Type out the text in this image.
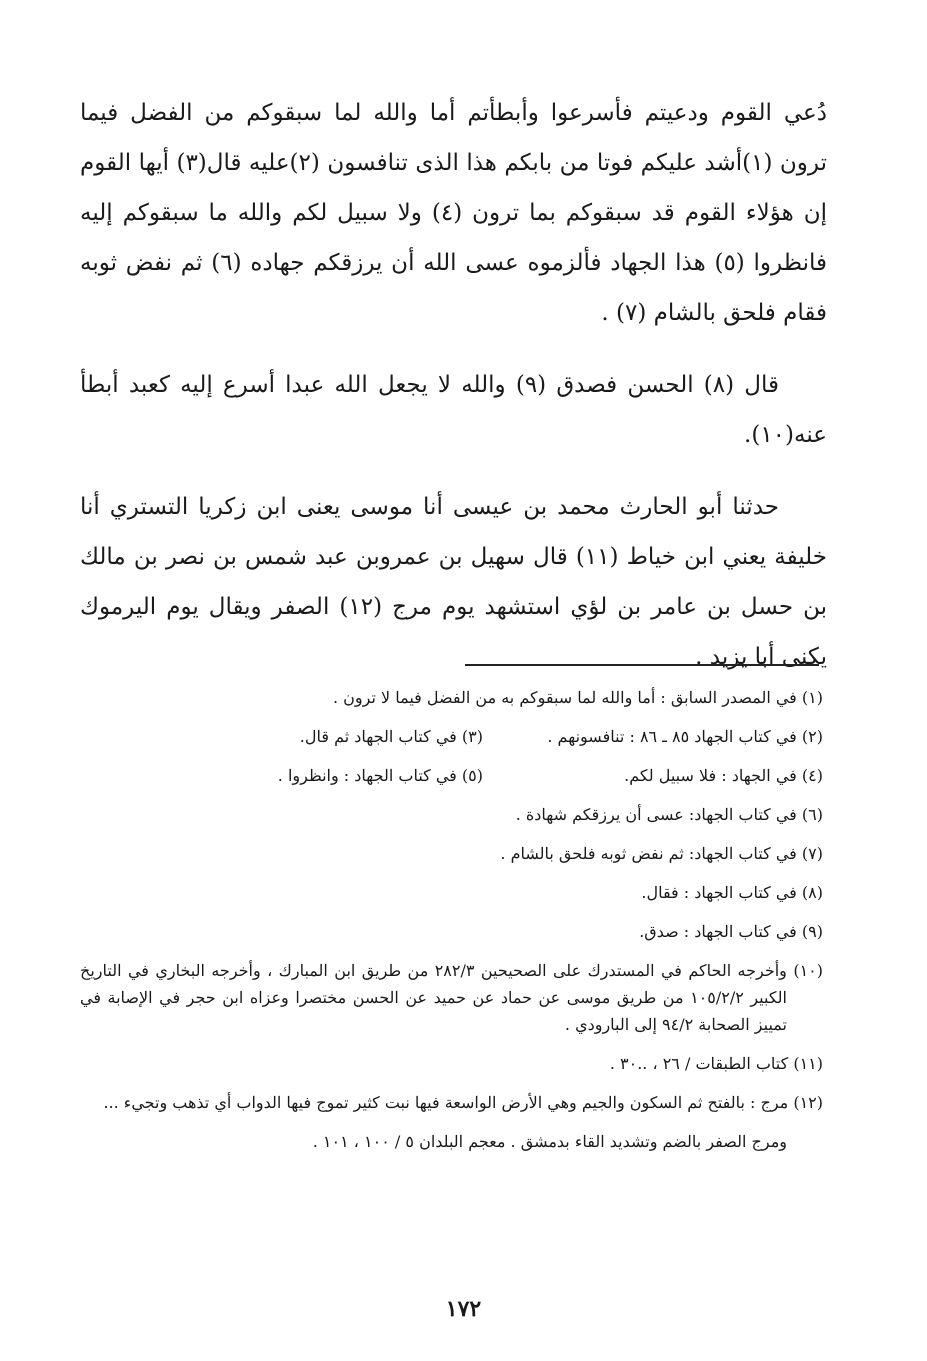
دُعي القوم ودعيتم فأسرعوا وأبطأتم أما والله لما سبقوكم من الفضل فيما ترون (١)أشد عليكم فوتا من بابكم هذا الذى تنافسون (٢)عليه قال(٣) أيها القوم إن هؤلاء القوم قد سبقوكم بما ترون (٤) ولا سبيل لكم والله ما سبقوكم إليه فانظروا (٥) هذا الجهاد فألزموه عسى الله أن يرزقكم جهاده (٦) ثم نفض ثوبه فقام فلحق بالشام (٧) .

قال (٨) الحسن فصدق (٩) والله لا يجعل الله عبدا أسرع إليه كعبد أبطأ عنه(١٠).

حدثنا أبو الحارث محمد بن عيسى أنا موسى يعنى ابن زكريا التستري أنا خليفة يعني ابن خياط (١١) قال سهيل بن عمروبن عبد شمس بن نصر بن مالك بن حسل بن عامر بن لؤي استشهد يوم مرج (١٢) الصفر ويقال يوم اليرموك يكنى أبا يزيد .

(١) في المصدر السابق : أما والله لما سبقوكم به من الفضل فيما لا ترون .

(٢) في كتاب الجهاد ٨٥ ـ ٨٦ : تنافسونهم .
(٣) في كتاب الجهاد ثم قال.
(٤) في الجهاد : فلا سبيل لكم.
(٥) في كتاب الجهاد : وانظروا .

(٦) في كتاب الجهاد: عسى أن يرزقكم شهادة .

(٧) في كتاب الجهاد: ثم نفض ثوبه فلحق بالشام .

(٨) في كتاب الجهاد : فقال.

(٩) في كتاب الجهاد : صدق.

(١٠) وأخرجه الحاكم في المستدرك على الصحيحين ٢٨٢/٣ من طريق ابن المبارك ، وأخرجه البخاري في التاريخ الكبير ١٠٥/٢/٢ من طريق موسى عن حماد عن حميد عن الحسن مختصرا وعزاه ابن حجر في الإصابة في تمييز الصحابة ٩٤/٢ إلى البارودي .

(١١) كتاب الطبقات / ٢٦ ، ..٣٠ .

(١٢) مرج : بالفتح ثم السكون والجيم وهي الأرض الواسعة فيها نبت كثير تموج فيها الدواب أي تذهب وتجيء ...

ومرج الصفر بالضم وتشديد القاء بدمشق . معجم البلدان ٥ / ١٠٠ ، ١٠١ .

١٧٢
